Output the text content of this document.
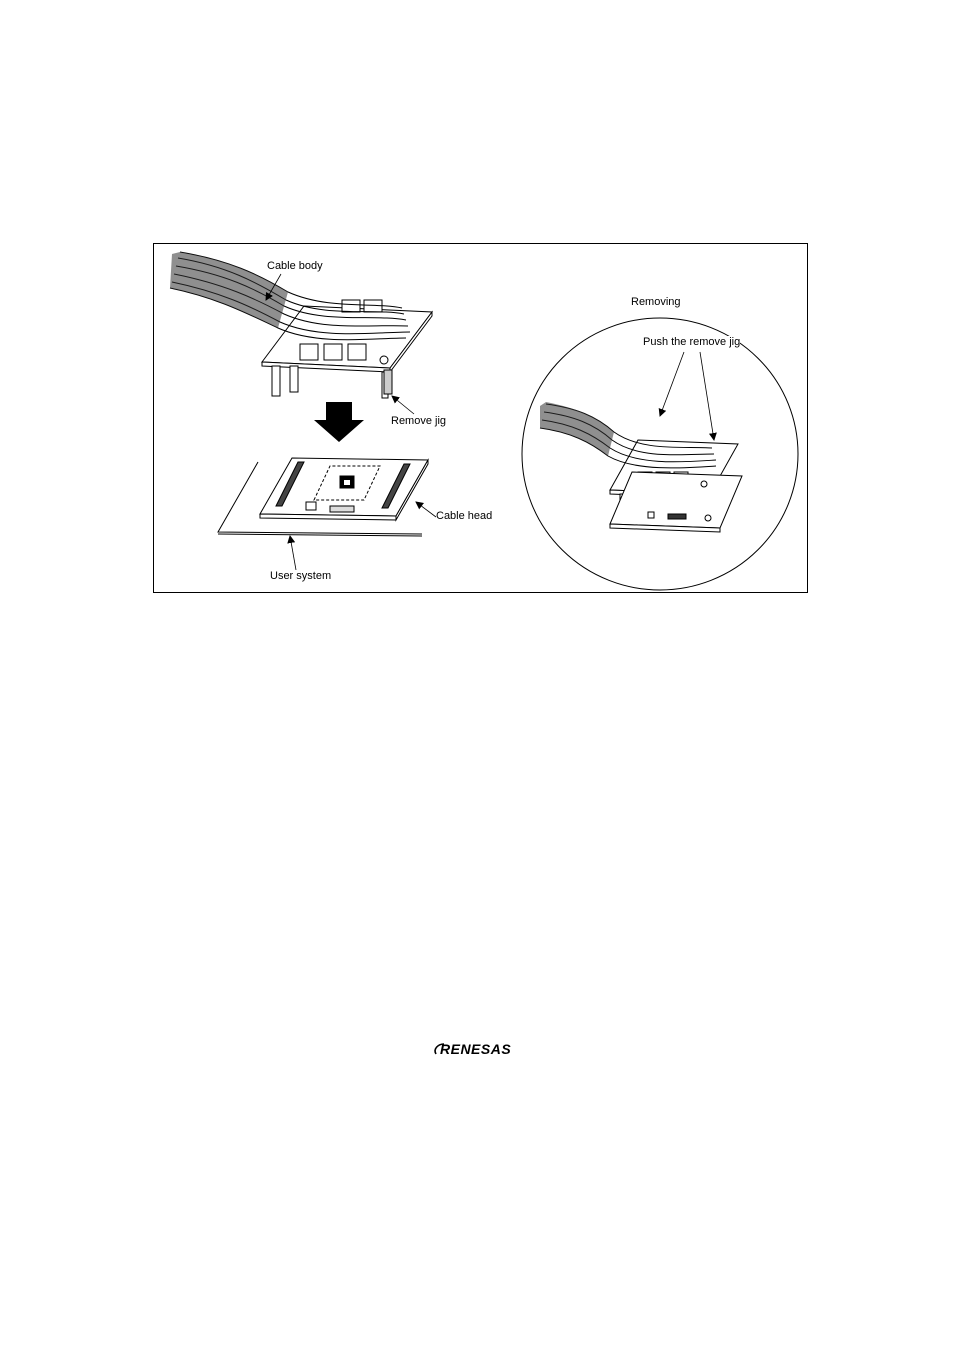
Cable body
Remove jig
Cable head
User system
Removing
Push the remove jig
RENESAS
